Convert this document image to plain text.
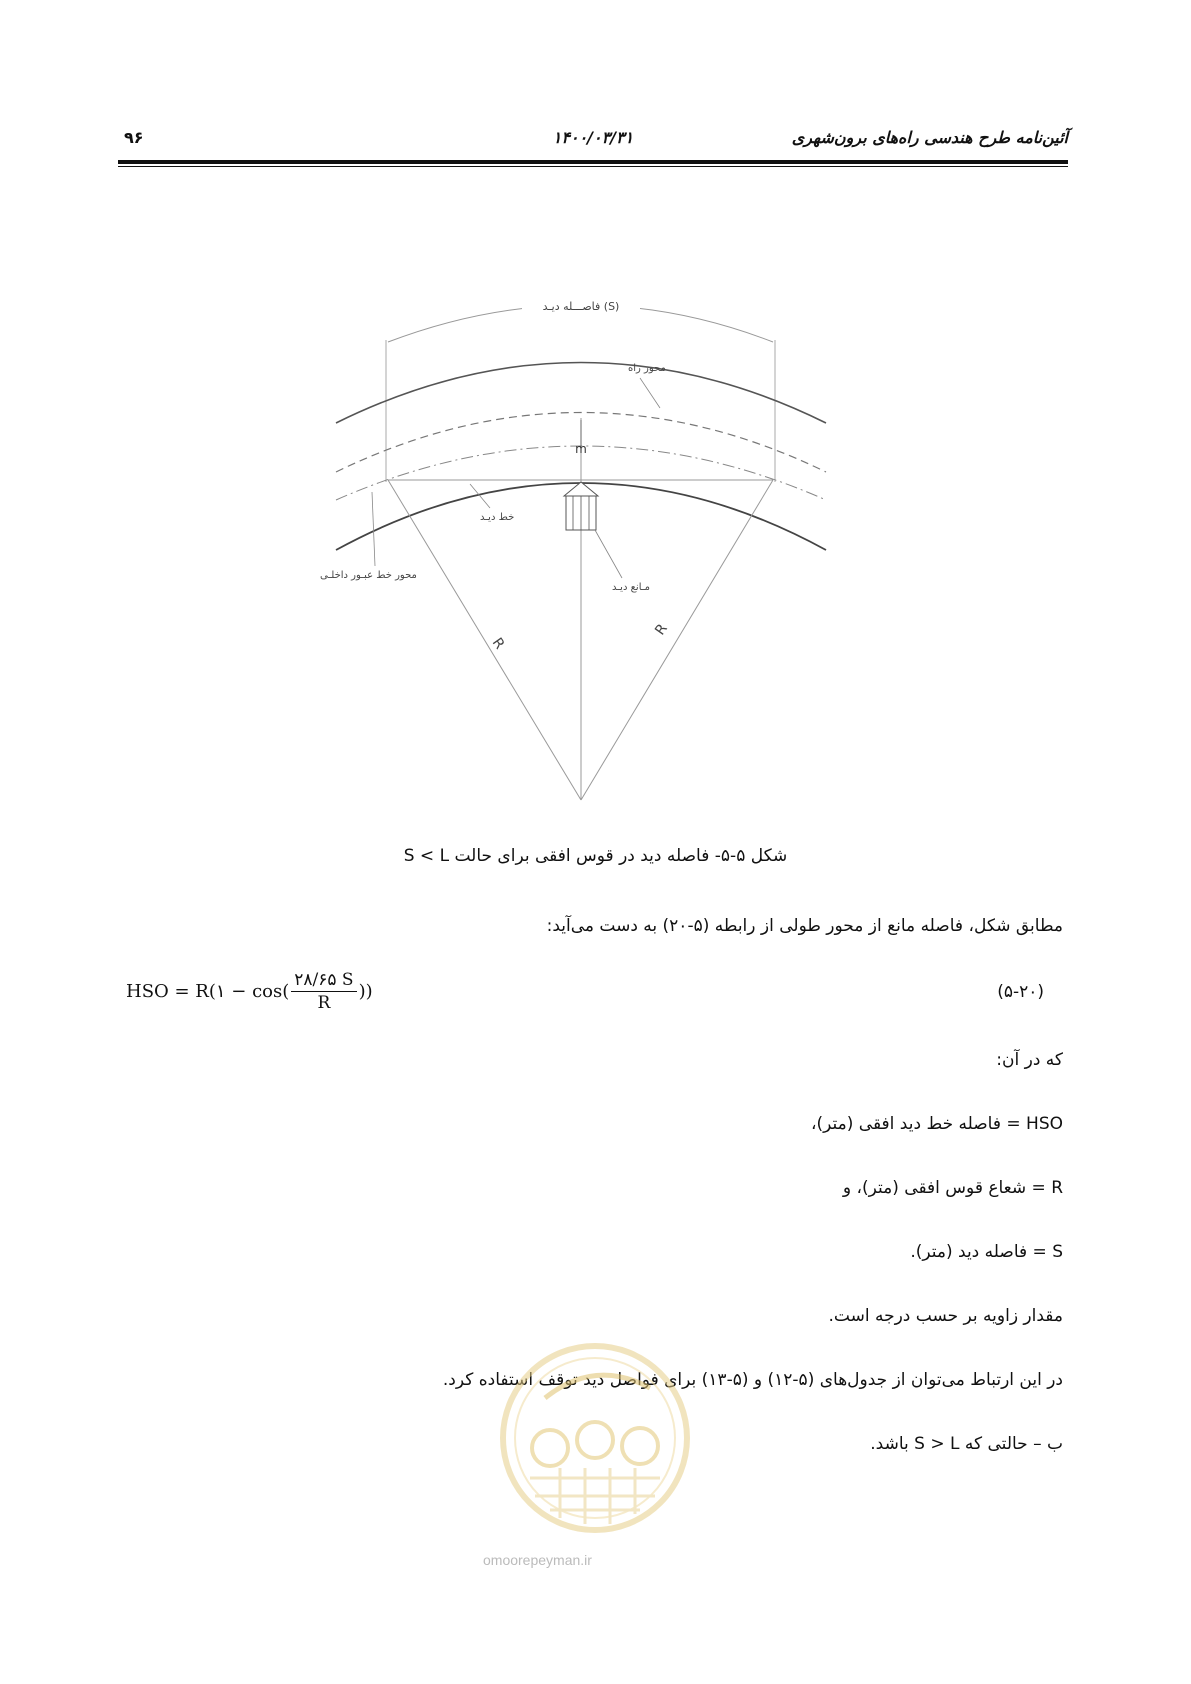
آئین‌نامه طرح هندسی راه‌های برون‌شهری
۱۴۰۰/۰۳/۳۱
۹۶
فاصـــله دیـد (S)
m
محور راه
خط دیـد
محور خط عبـور داخلـی
مـانع دیـد
R
R
شکل ۵-۵- فاصله دید در قوس افقی برای حالت S < L
مطابق شکل، فاصله مانع از محور طولی از رابطه (۵-۲۰) به دست می‌آید:
(۵-۲۰)
HSO = R(۱ − $\cos( \frac{۲۸/۶۵ S}{R}$ ))
که در آن:
HSO = فاصله خط دید افقی (متر)،
R = شعاع قوس افقی (متر)، و
S = فاصله دید (متر).
مقدار زاویه بر حسب درجه است.
در این ارتباط می‌توان از جدول‌های (۵-۱۲) و (۵-۱۳) برای فواصل دید توقف استفاده کرد.
ب – حالتی که S > L باشد.
omoorepeyman.ir
